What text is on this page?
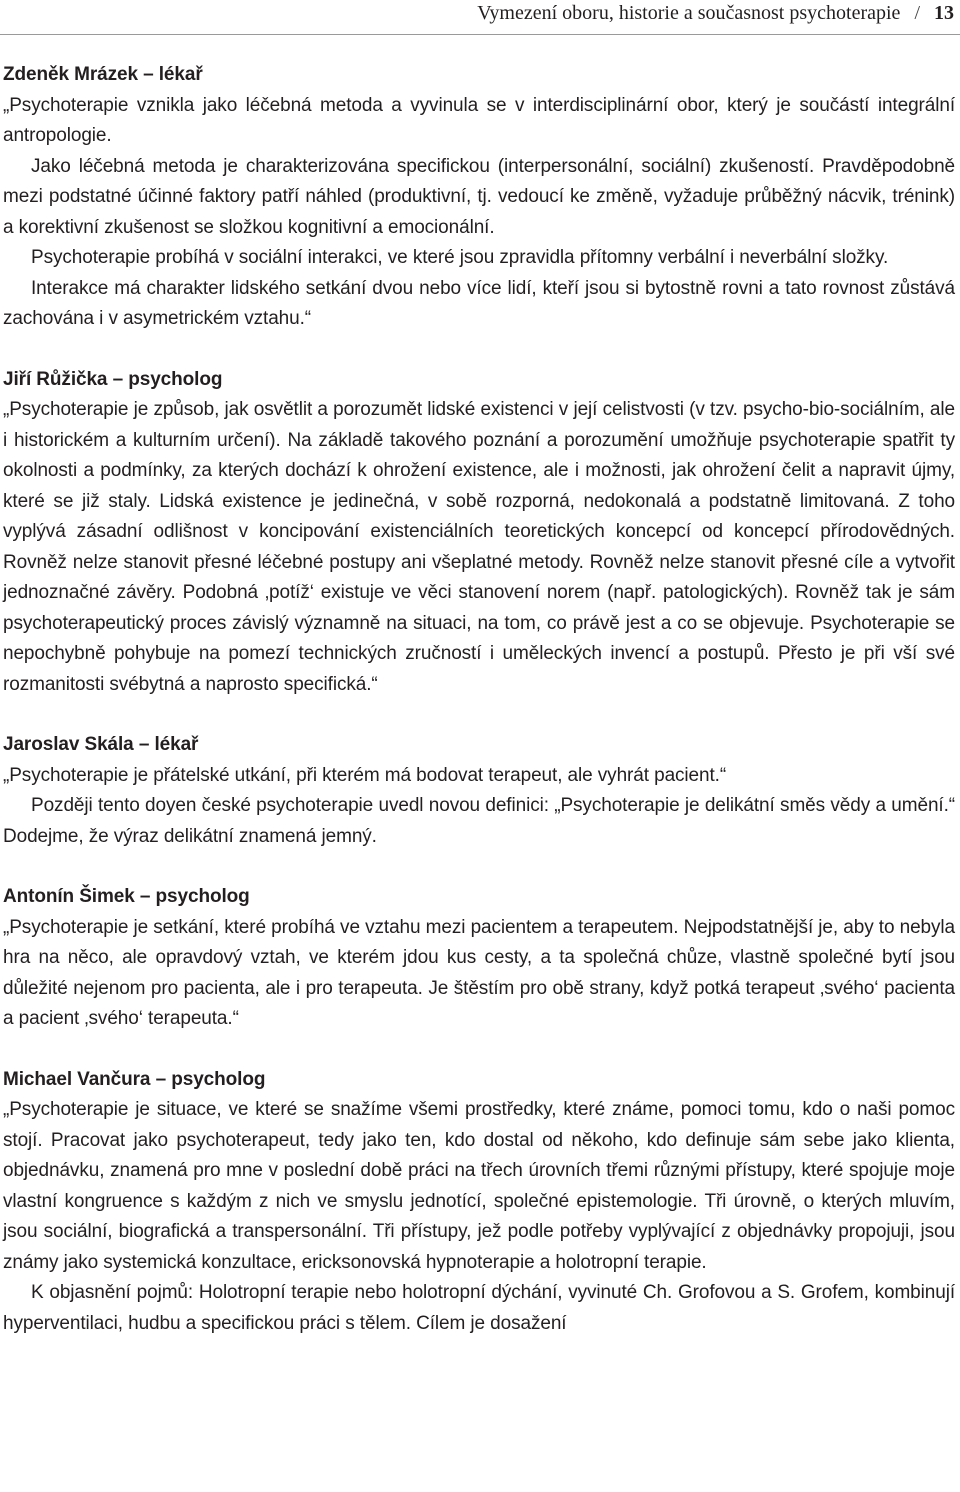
Vymezení oboru, historie a současnost psychoterapie / 13
Zdeněk Mrázek – lékař

„Psychoterapie vznikla jako léčebná metoda a vyvinula se v interdisciplinární obor, který je součástí integrální antropologie.

Jako léčebná metoda je charakterizována specifickou (interpersonální, sociální) zkušeností. Pravděpodobně mezi podstatné účinné faktory patří náhled (produktivní, tj. vedoucí ke změně, vyžaduje průběžný nácvik, trénink) a korektivní zkušenost se složkou kognitivní a emocionální.

Psychoterapie probíhá v sociální interakci, ve které jsou zpravidla přítomny verbální i neverbální složky.

Interakce má charakter lidského setkání dvou nebo více lidí, kteří jsou si bytostně rovni a tato rovnost zůstává zachována i v asymetrickém vztahu.“

Jiří Růžička – psycholog

„Psychoterapie je způsob, jak osvětlit a porozumět lidské existenci v její celistvosti (v tzv. psycho-bio-sociálním, ale i historickém a kulturním určení). Na základě takového poznání a porozumění umožňuje psychoterapie spatřit ty okolnosti a podmínky, za kterých dochází k ohrožení existence, ale i možnosti, jak ohrožení čelit a napravit újmy, které se již staly. Lidská existence je jedinečná, v sobě rozporná, nedokonalá a podstatně limitovaná. Z toho vyplývá zásadní odlišnost v koncipování existenciálních teoretických koncepcí od koncepcí přírodovědných. Rovněž nelze stanovit přesné léčebné postupy ani všeplatné metody. Rovněž nelze stanovit přesné cíle a vytvořit jednoznačné závěry. Podobná ‚potíž‘ existuje ve věci stanovení norem (např. patologických). Rovněž tak je sám psychoterapeutický proces závislý významně na situaci, na tom, co právě jest a co se objevuje. Psychoterapie se nepochybně pohybuje na pomezí technických zručností i uměleckých invencí a postupů. Přesto je při vší své rozmanitosti svébytná a naprosto specifická.“

Jaroslav Skála – lékař

„Psychoterapie je přátelské utkání, při kterém má bodovat terapeut, ale vyhrát pacient.“

Později tento doyen české psychoterapie uvedl novou definici: „Psychoterapie je delikátní směs vědy a umění.“ Dodejme, že výraz delikátní znamená jemný.

Antonín Šimek – psycholog

„Psychoterapie je setkání, které probíhá ve vztahu mezi pacientem a terapeutem. Nejpodstatnější je, aby to nebyla hra na něco, ale opravdový vztah, ve kterém jdou kus cesty, a ta společná chůze, vlastně společné bytí jsou důležité nejenom pro pacienta, ale i pro terapeuta. Je štěstím pro obě strany, když potká terapeut ‚svého‘ pacienta a pacient ‚svého‘ terapeuta.“

Michael Vančura – psycholog

„Psychoterapie je situace, ve které se snažíme všemi prostředky, které známe, pomoci tomu, kdo o naši pomoc stojí. Pracovat jako psychoterapeut, tedy jako ten, kdo dostal od někoho, kdo definuje sám sebe jako klienta, objednávku, znamená pro mne v poslední době práci na třech úrovních třemi různými přístupy, které spojuje moje vlastní kongruence s každým z nich ve smyslu jednotící, společné epistemologie. Tři úrovně, o kterých mluvím, jsou sociální, biografická a transpersonální. Tři přístupy, jež podle potřeby vyplývající z objednávky propojuji, jsou známy jako systemická konzultace, ericksonovská hypnoterapie a holotropní terapie.

K objasnění pojmů: Holotropní terapie nebo holotropní dýchání, vyvinuté Ch. Grofovou a S. Grofem, kombinují hyperventilaci, hudbu a specifickou práci s tělem. Cílem je dosažení
